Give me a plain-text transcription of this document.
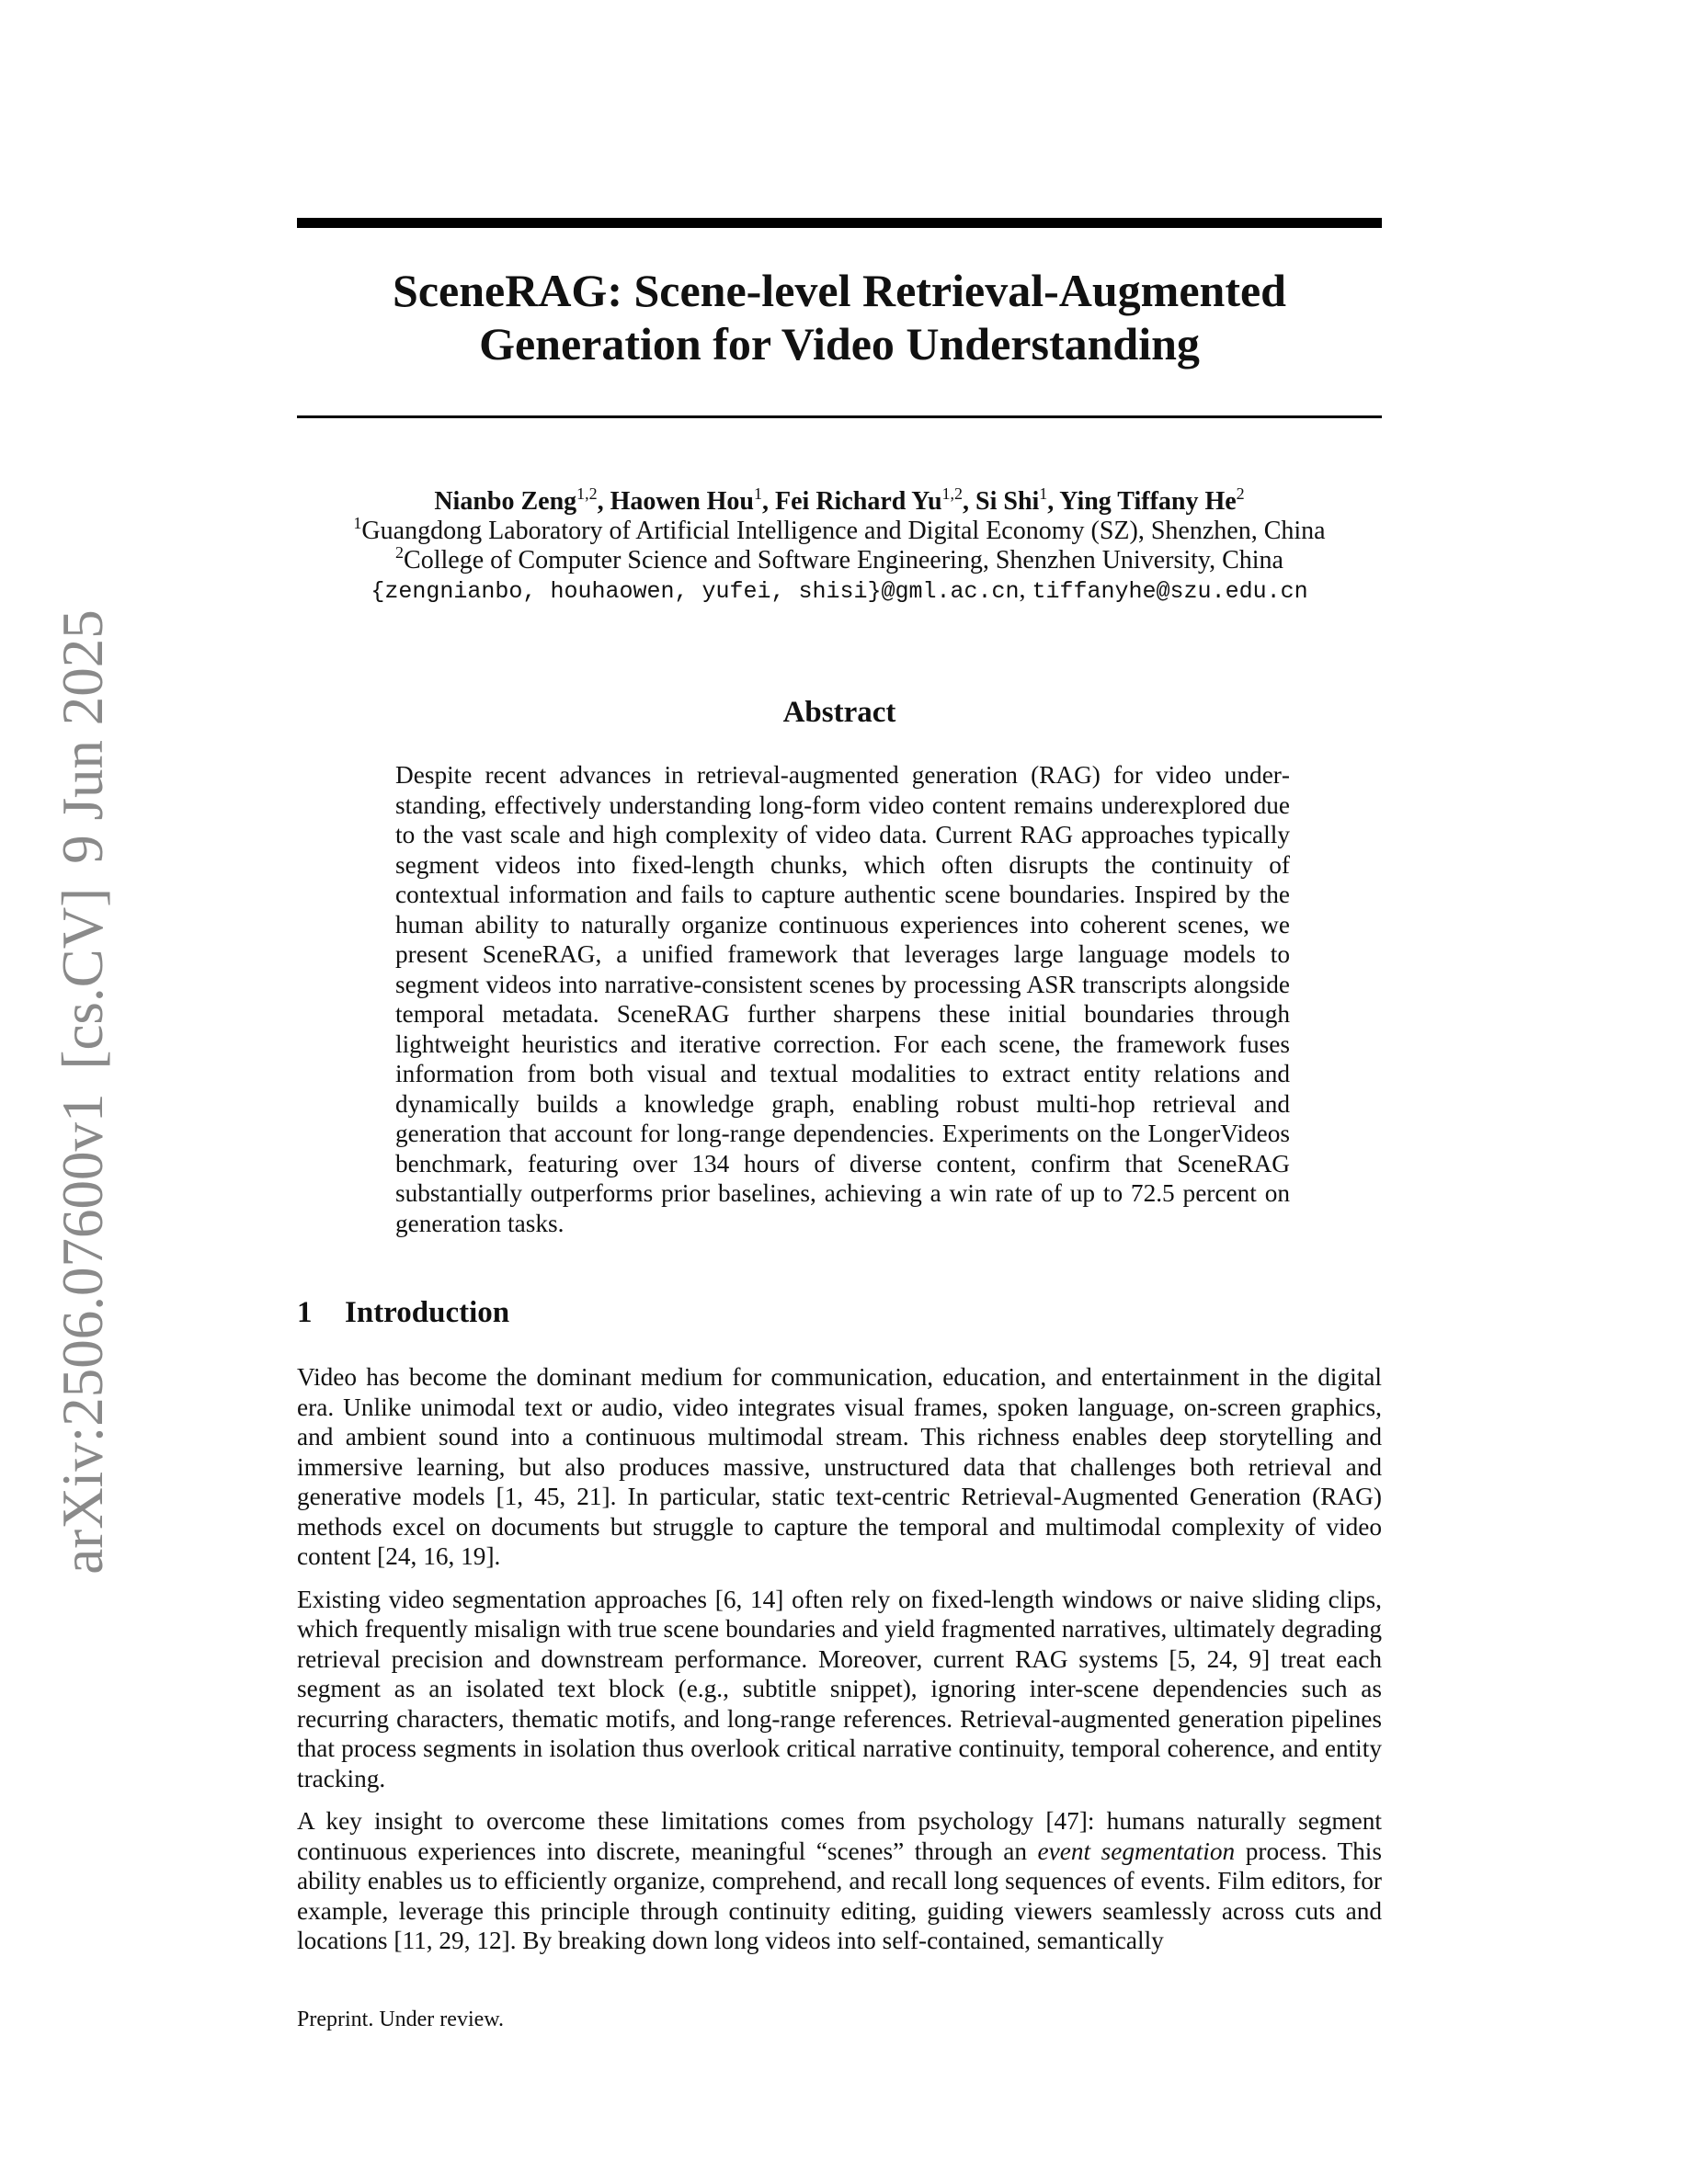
arXiv:2506.07600v1[cs.CV]9 Jun 2025
SceneRAG: Scene-level Retrieval-Augmented
Generation for Video Understanding
Nianbo Zeng$^{1,2}$, Haowen Hou$^1$, Fei Richard Yu$^{1,2}$, Si Shi$^1$, Ying Tiffany He$^2$
$^1$Guangdong Laboratory of Artificial Intelligence and Digital Economy (SZ), Shenzhen, China
$^2$College of Computer Science and Software Engineering, Shenzhen University, China
{zengnianbo, houhaowen, yufei, shisi}@gml.ac.cn, tiffanyhe@szu.edu.cn
Abstract

Despite recent advances in retrieval-augmented generation (RAG) for video understanding, effectively understanding long-form video content remains underexplored due to the vast scale and high complexity of video data. Current RAG approaches typically segment videos into fixed-length chunks, which often disrupts the continuity of contextual information and fails to capture authentic scene boundaries. Inspired by the human ability to naturally organize continuous experiences into coherent scenes, we present SceneRAG, a unified framework that leverages large language models to segment videos into narrative-consistent scenes by processing ASR transcripts alongside temporal metadata. SceneRAG further sharpens these initial boundaries through lightweight heuristics and iterative correction. For each scene, the framework fuses information from both visual and textual modalities to extract entity relations and dynamically builds a knowledge graph, enabling robust multi-hop retrieval and generation that account for long-range dependencies. Experiments on the LongerVideos benchmark, featuring over 134 hours of diverse content, confirm that SceneRAG substantially outperforms prior baselines, achieving a win rate of up to 72.5 percent on generation tasks.

1 Introduction

Video has become the dominant medium for communication, education, and entertainment in the digital era. Unlike unimodal text or audio, video integrates visual frames, spoken language, on-screen graphics, and ambient sound into a continuous multimodal stream. This richness enables deep storytelling and immersive learning, but also produces massive, unstructured data that challenges both retrieval and generative models [1, 45, 21]. In particular, static text-centric Retrieval-Augmented Generation (RAG) methods excel on documents but struggle to capture the temporal and multimodal complexity of video content [24, 16, 19].

Existing video segmentation approaches [6, 14] often rely on fixed-length windows or naive sliding clips, which frequently misalign with true scene boundaries and yield fragmented narratives, ultimately degrading retrieval precision and downstream performance. Moreover, current RAG systems [5, 24, 9] treat each segment as an isolated text block (e.g., subtitle snippet), ignoring inter-scene dependencies such as recurring characters, thematic motifs, and long-range references. Retrieval-augmented generation pipelines that process segments in isolation thus overlook critical narrative continuity, temporal coherence, and entity tracking.

A key insight to overcome these limitations comes from psychology [47]: humans naturally segment continuous experiences into discrete, meaningful “scenes” through an event segmentation process. This ability enables us to efficiently organize, comprehend, and recall long sequences of events. Film editors, for example, leverage this principle through continuity editing, guiding viewers seamlessly across cuts and locations [11, 29, 12]. By breaking down long videos into self-contained, semantically

Preprint. Under review.
